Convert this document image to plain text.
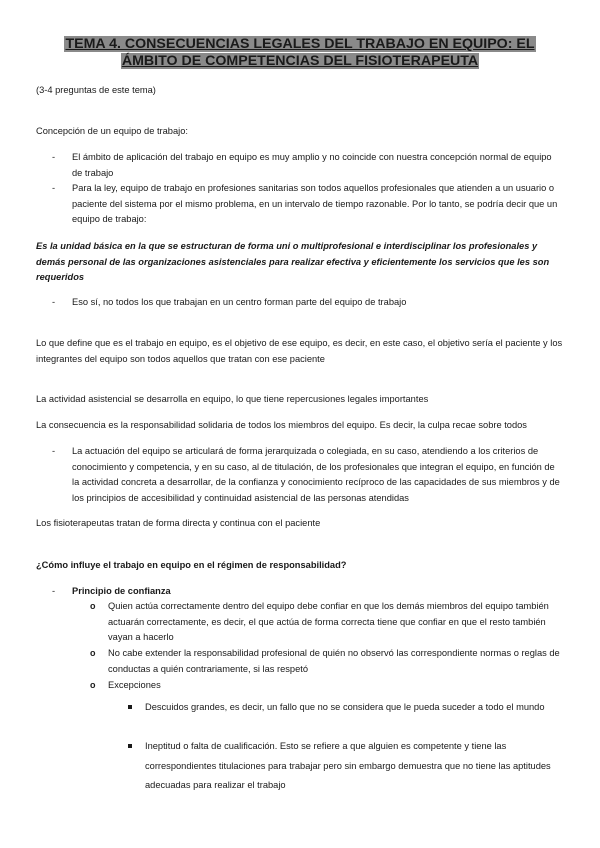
TEMA 4. CONSECUENCIAS LEGALES DEL TRABAJO EN EQUIPO: EL
ÁMBITO DE COMPETENCIAS DEL FISIOTERAPEUTA

(3-4 preguntas de este tema)

Concepción de un equipo de trabajo:

- El ámbito de aplicación del trabajo en equipo es muy amplio y no coincide con nuestra concepción normal de equipo de trabajo

- Para la ley, equipo de trabajo en profesiones sanitarias son todos aquellos profesionales que atienden a un usuario o paciente del sistema por el mismo problema, en un intervalo de tiempo razonable. Por lo tanto, se podría decir que un equipo de trabajo:

Es la unidad básica en la que se estructuran de forma uni o multiprofesional e interdisciplinar los profesionales y demás personal de las organizaciones asistenciales para realizar efectiva y eficientemente los servicios que les son requeridos

- Eso sí, no todos los que trabajan en un centro forman parte del equipo de trabajo

Lo que define que es el trabajo en equipo, es el objetivo de ese equipo, es decir, en este caso, el objetivo sería el paciente y los integrantes del equipo son todos aquellos que tratan con ese paciente

La actividad asistencial se desarrolla en equipo, lo que tiene repercusiones legales importantes

La consecuencia es la responsabilidad solidaria de todos los miembros del equipo. Es decir, la culpa recae sobre todos

- La actuación del equipo se articulará de forma jerarquizada o colegiada, en su caso, atendiendo a los criterios de conocimiento y competencia, y en su caso, al de titulación, de los profesionales que integran el equipo, en función de la actividad concreta a desarrollar, de la confianza y conocimiento recíproco de las capacidades de sus miembros y de los principios de accesibilidad y continuidad asistencial de las personas atendidas

Los fisioterapeutas tratan de forma directa y continua con el paciente

¿Cómo influye el trabajo en equipo en el régimen de responsabilidad?

- Principio de confianza

o Quien actúa correctamente dentro del equipo debe confiar en que los demás miembros del equipo también actuarán correctamente, es decir, el que actúa de forma correcta tiene que confiar en que el resto también vayan a hacerlo

o No cabe extender la responsabilidad profesional de quién no observó las correspondiente normas o reglas de conductas a quién contrariamente, si las respetó

o Excepciones

Descuidos grandes, es decir, un fallo que no se considera que le pueda suceder a todo el mundo

Ineptitud o falta de cualificación. Esto se refiere a que alguien es competente y tiene las correspondientes titulaciones para trabajar pero sin embargo demuestra que no tiene las aptitudes adecuadas para realizar el trabajo
